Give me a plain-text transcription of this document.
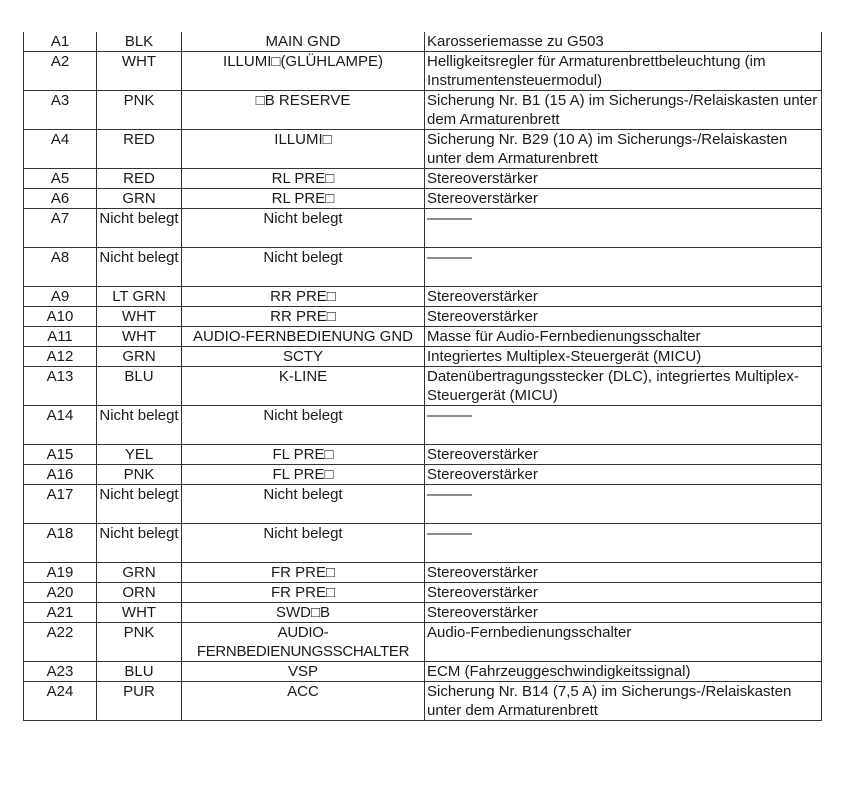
A1	BLK	MAIN GND	Karosseriemasse zu G503
A2	WHT	ILLUMI□(GLÜHLAMPE)	Helligkeitsregler für Armaturenbrettbeleuchtung (im Instrumentensteuermodul)
A3	PNK	□B RESERVE	Sicherung Nr. B1 (15 A) im Sicherungs-/Relaiskasten unter dem Armaturenbrett
A4	RED	ILLUMI□	Sicherung Nr. B29 (10 A) im Sicherungs-/Relaiskasten unter dem Armaturenbrett
A5	RED	RL PRE□	Stereoverstärker
A6	GRN	RL PRE□	Stereoverstärker
A7	Nicht belegt	Nicht belegt	———
A8	Nicht belegt	Nicht belegt	———
A9	LT GRN	RR PRE□	Stereoverstärker
A10	WHT	RR PRE□	Stereoverstärker
A11	WHT	AUDIO-FERNBEDIENUNG GND	Masse für Audio-Fernbedienungsschalter
A12	GRN	SCTY	Integriertes Multiplex-Steuergerät (MICU)
A13	BLU	K-LINE	Datenübertragungsstecker (DLC), integriertes Multiplex-Steuergerät (MICU)
A14	Nicht belegt	Nicht belegt	———
A15	YEL	FL PRE□	Stereoverstärker
A16	PNK	FL PRE□	Stereoverstärker
A17	Nicht belegt	Nicht belegt	———
A18	Nicht belegt	Nicht belegt	———
A19	GRN	FR PRE□	Stereoverstärker
A20	ORN	FR PRE□	Stereoverstärker
A21	WHT	SWD□B	Stereoverstärker
A22	PNK	AUDIO-FERNBEDIENUNGSSCHALTER	Audio-Fernbedienungsschalter
A23	BLU	VSP	ECM (Fahrzeuggeschwindigkeitssignal)
A24	PUR	ACC	Sicherung Nr. B14 (7,5 A) im Sicherungs-/Relaiskasten unter dem Armaturenbrett
